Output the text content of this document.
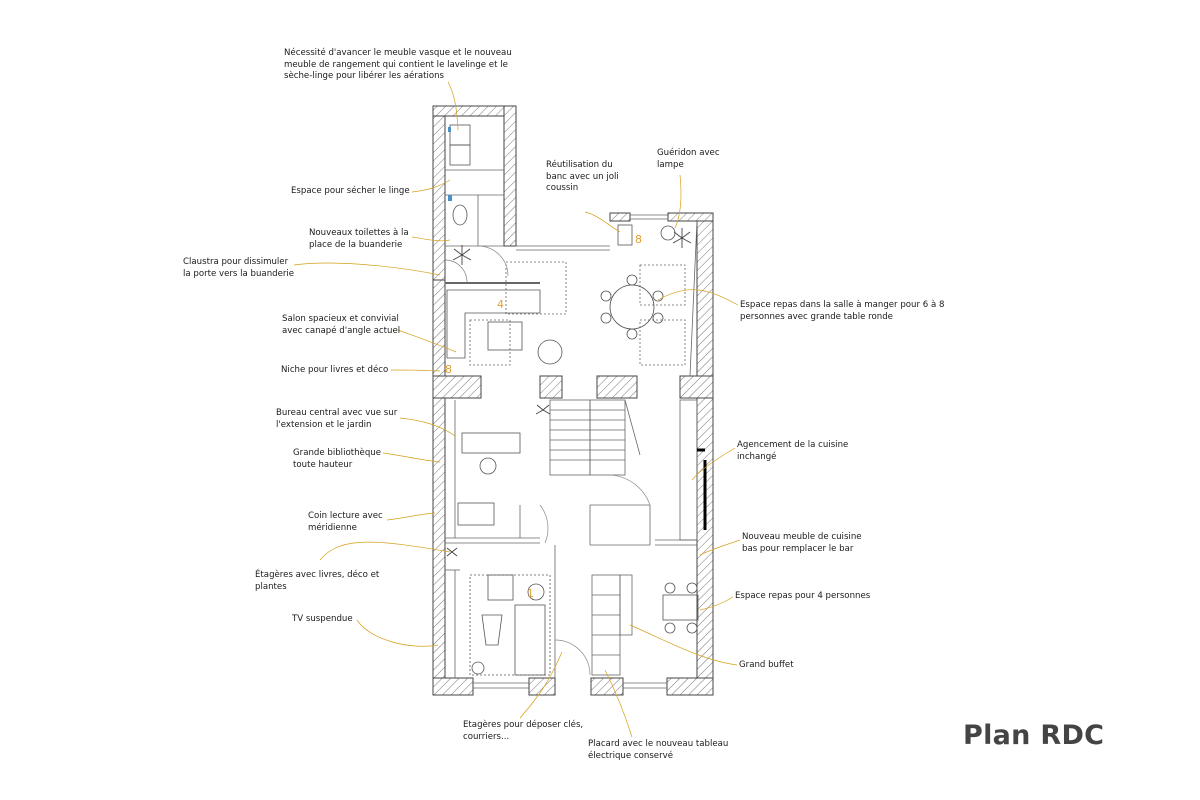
4
8
8
1
Nécessité d'avancer le meuble vasque et le nouveau
meuble de rangement qui contient le lavelinge et le
sèche-linge pour libérer les aérations
Espace pour sécher le linge
Nouveaux toilettes à la
place de la buanderie
Claustra pour dissimuler
la porte vers la buanderie
Salon spacieux et convivial
avec canapé d'angle actuel
Niche pour livres et déco
Bureau central avec vue sur
l'extension et le jardin
Grande bibliothèque
toute hauteur
Coin lecture avec
méridienne
Étagères avec livres, déco et
plantes
TV suspendue
Réutilisation du
banc avec un joli
coussin
Guéridon avec
lampe
Espace repas dans la salle à manger pour 6 à 8
personnes avec grande table ronde
Agencement de la cuisine
inchangé
Nouveau meuble de cuisine
bas pour remplacer le bar
Espace repas pour 4 personnes
Grand buffet
Etagères pour déposer clés,
courriers...
Placard avec le nouveau tableau
électrique conservé
Plan RDC
